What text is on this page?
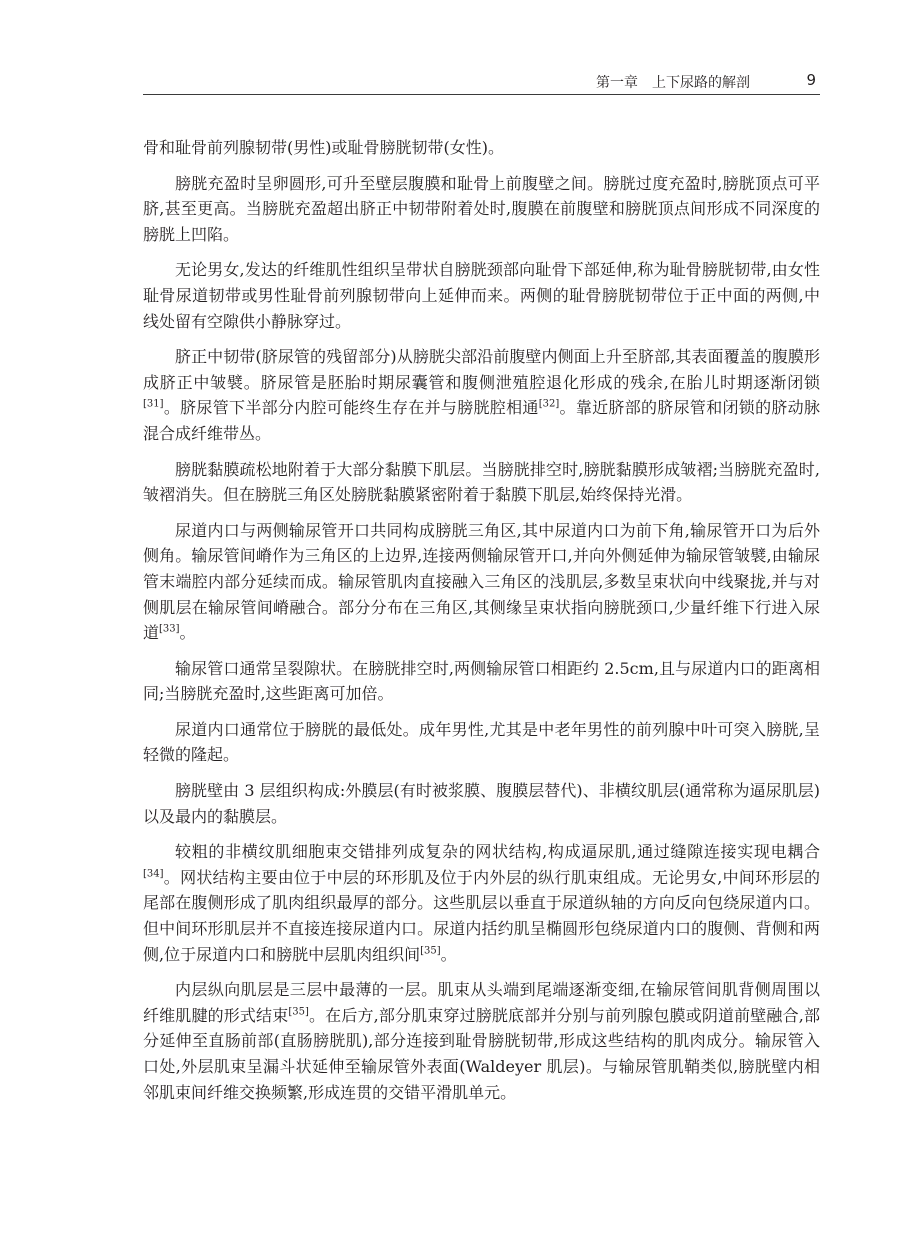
第一章　上下尿路的解剖	9

骨和耻骨前列腺韧带(男性)或耻骨膀胱韧带(女性)。

膀胱充盈时呈卵圆形,可升至壁层腹膜和耻骨上前腹壁之间。膀胱过度充盈时,膀胱顶点可平脐,甚至更高。当膀胱充盈超出脐正中韧带附着处时,腹膜在前腹壁和膀胱顶点间形成不同深度的膀胱上凹陷。

无论男女,发达的纤维肌性组织呈带状自膀胱颈部向耻骨下部延伸,称为耻骨膀胱韧带,由女性耻骨尿道韧带或男性耻骨前列腺韧带向上延伸而来。两侧的耻骨膀胱韧带位于正中面的两侧,中线处留有空隙供小静脉穿过。

脐正中韧带(脐尿管的残留部分)从膀胱尖部沿前腹壁内侧面上升至脐部,其表面覆盖的腹膜形成脐正中皱襞。脐尿管是胚胎时期尿囊管和腹侧泄殖腔退化形成的残余,在胎儿时期逐渐闭锁[31]。脐尿管下半部分内腔可能终生存在并与膀胱腔相通[32]。靠近脐部的脐尿管和闭锁的脐动脉混合成纤维带丛。

膀胱黏膜疏松地附着于大部分黏膜下肌层。当膀胱排空时,膀胱黏膜形成皱褶;当膀胱充盈时,皱褶消失。但在膀胱三角区处膀胱黏膜紧密附着于黏膜下肌层,始终保持光滑。

尿道内口与两侧输尿管开口共同构成膀胱三角区,其中尿道内口为前下角,输尿管开口为后外侧角。输尿管间嵴作为三角区的上边界,连接两侧输尿管开口,并向外侧延伸为输尿管皱襞,由输尿管末端腔内部分延续而成。输尿管肌肉直接融入三角区的浅肌层,多数呈束状向中线聚拢,并与对侧肌层在输尿管间嵴融合。部分分布在三角区,其侧缘呈束状指向膀胱颈口,少量纤维下行进入尿道[33]。

输尿管口通常呈裂隙状。在膀胱排空时,两侧输尿管口相距约 2.5cm,且与尿道内口的距离相同;当膀胱充盈时,这些距离可加倍。

尿道内口通常位于膀胱的最低处。成年男性,尤其是中老年男性的前列腺中叶可突入膀胱,呈轻微的隆起。

膀胱壁由 3 层组织构成:外膜层(有时被浆膜、腹膜层替代)、非横纹肌层(通常称为逼尿肌层)以及最内的黏膜层。

较粗的非横纹肌细胞束交错排列成复杂的网状结构,构成逼尿肌,通过缝隙连接实现电耦合[34]。网状结构主要由位于中层的环形肌及位于内外层的纵行肌束组成。无论男女,中间环形层的尾部在腹侧形成了肌肉组织最厚的部分。这些肌层以垂直于尿道纵轴的方向反向包绕尿道内口。但中间环形肌层并不直接连接尿道内口。尿道内括约肌呈椭圆形包绕尿道内口的腹侧、背侧和两侧,位于尿道内口和膀胱中层肌肉组织间[35]。

内层纵向肌层是三层中最薄的一层。肌束从头端到尾端逐渐变细,在输尿管间肌背侧周围以纤维肌腱的形式结束[35]。在后方,部分肌束穿过膀胱底部并分别与前列腺包膜或阴道前壁融合,部分延伸至直肠前部(直肠膀胱肌),部分连接到耻骨膀胱韧带,形成这些结构的肌肉成分。输尿管入口处,外层肌束呈漏斗状延伸至输尿管外表面(Waldeyer 肌层)。与输尿管肌鞘类似,膀胱壁内相邻肌束间纤维交换频繁,形成连贯的交错平滑肌单元。
